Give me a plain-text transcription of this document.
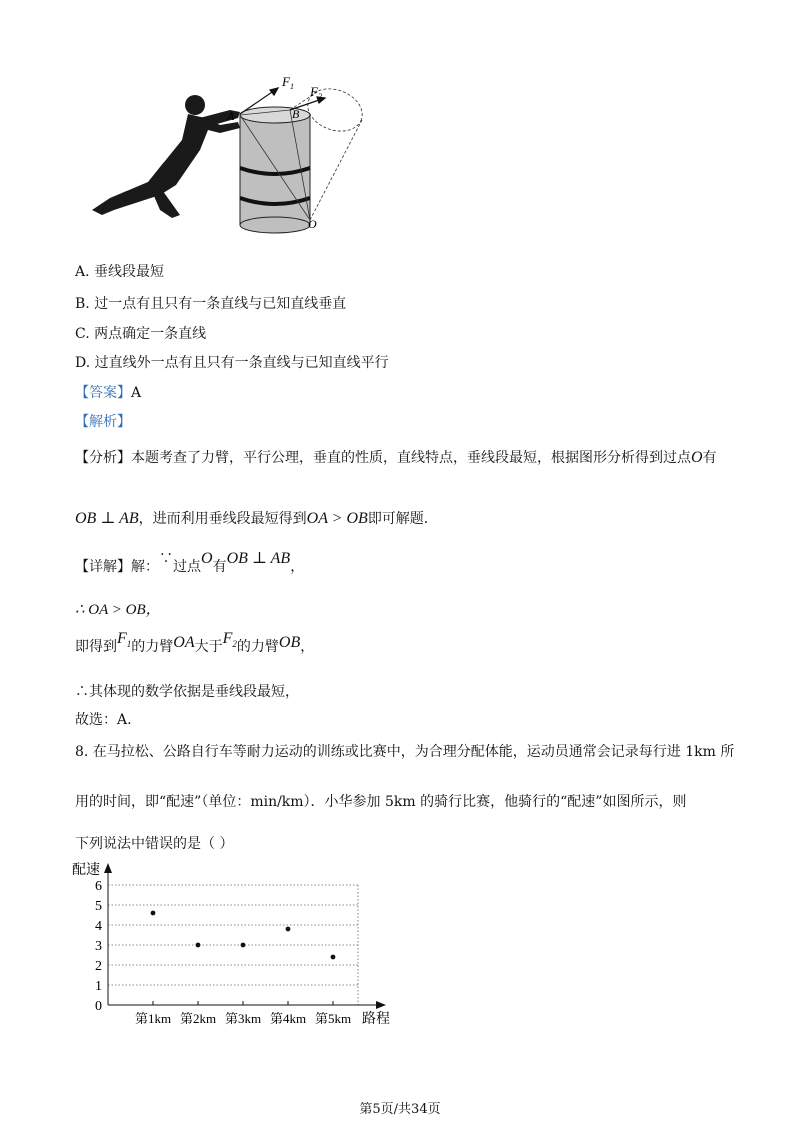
$F_1$ $F_2$
A	B
O
A. 垂线段最短
B. 过一点有且只有一条直线与已知直线垂直
C. 两点确定一条直线
D. 过直线外一点有且只有一条直线与已知直线平行
【答案】A
【解析】
【分析】本题考查了力臂，平行公理，垂直的性质，直线特点，垂线段最短，根据图形分析得到过点O有
OB ⊥ AB，进而利用垂线段最短得到OA > OB即可解题.
【详解】解：∵过点O有OB ⊥ AB，
∴ OA > OB，
即得到$F_1$的力臂OA大于$F_2$的力臂OB，
∴其体现的数学依据是垂线段最短，
故选：A.
8. 在马拉松、公路自行车等耐力运动的训练或比赛中，为合理分配体能，运动员通常会记录每行进 1km 所
用的时间，即“配速”（单位：min/km）．小华参加 5km 的骑行比赛，他骑行的“配速”如图所示，则
下列说法中错误的是（ ）
0
1
2
3
4
5
6
配速
路程
第1km 第2km 第3km 第4km 第5km
第5页/共34页
